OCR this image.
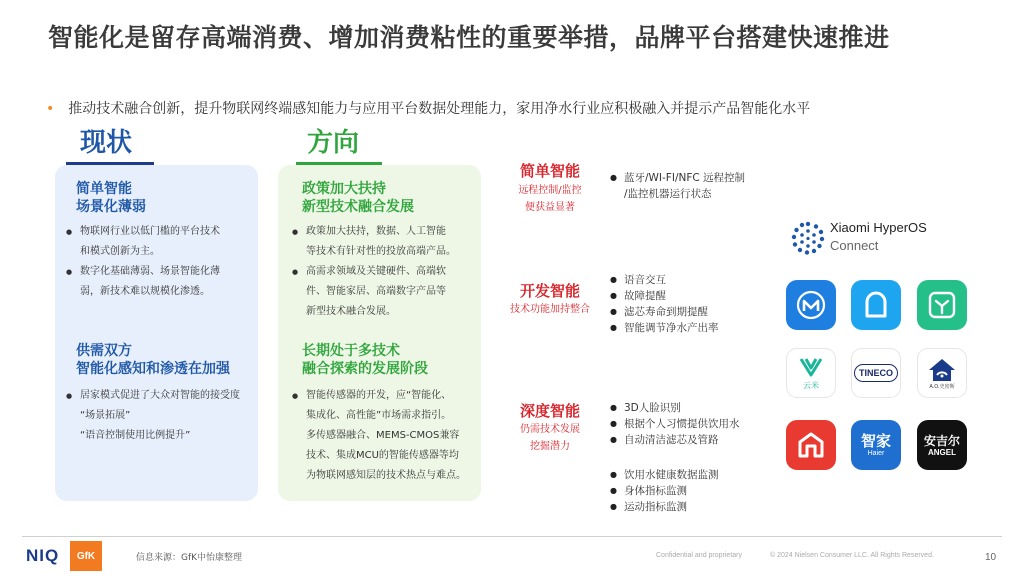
智能化是留存高端消费、增加消费粘性的重要举措，品牌平台搭建快速推进
• 推动技术融合创新，提升物联网终端感知能力与应用平台数据处理能力，家用净水行业应积极融入并提示产品智能化水平
现状	方向
简单智能
场景化薄弱
● 物联网行业以低门槛的平台技术
和模式创新为主。
● 数字化基础薄弱、场景智能化薄
弱，新技术难以规模化渗透。
供需双方
智能化感知和渗透在加强
● 居家模式促进了大众对智能的接受度
“场景拓展”
“语音控制使用比例提升”
政策加大扶持
新型技术融合发展
● 政策加大扶持，数据、人工智能
等技术有针对性的投放高端产品。
● 高需求领域及关键硬件、高端软
件、智能家居、高端数字产品等
新型技术融合发展。
长期处于多技术
融合探索的发展阶段
● 智能传感器的开发，应“智能化、
集成化、高性能”市场需求指引。
多传感器融合、MEMS-CMOS兼容
技术、集成MCU的智能传感器等均
为物联网感知层的技术热点与难点。
简单智能
远程控制/监控
便获益显著
● 蓝牙/WI-FI/NFC 远程控制
/监控机器运行状态
开发智能
技术功能加持整合
● 语音交互
● 故障提醒
● 滤芯寿命到期提醒
● 智能调节净水产出率
深度智能
仍需技术发展
挖掘潜力
● 3D人脸识别
● 根据个人习惯提供饮用水
● 自动清洁滤芯及管路
● 饮用水健康数据监测
● 身体指标监测
● 运动指标监测
Xiaomi HyperOS
Connect
云米
TINECO
A.O.史密斯
智家
Haier
安吉尔
ANGEL
NIQ	GfK	信息来源：GfK中怡康整理	Confidential and proprietary	© 2024 Nielsen Consumer LLC. All Rights Reserved.	10
